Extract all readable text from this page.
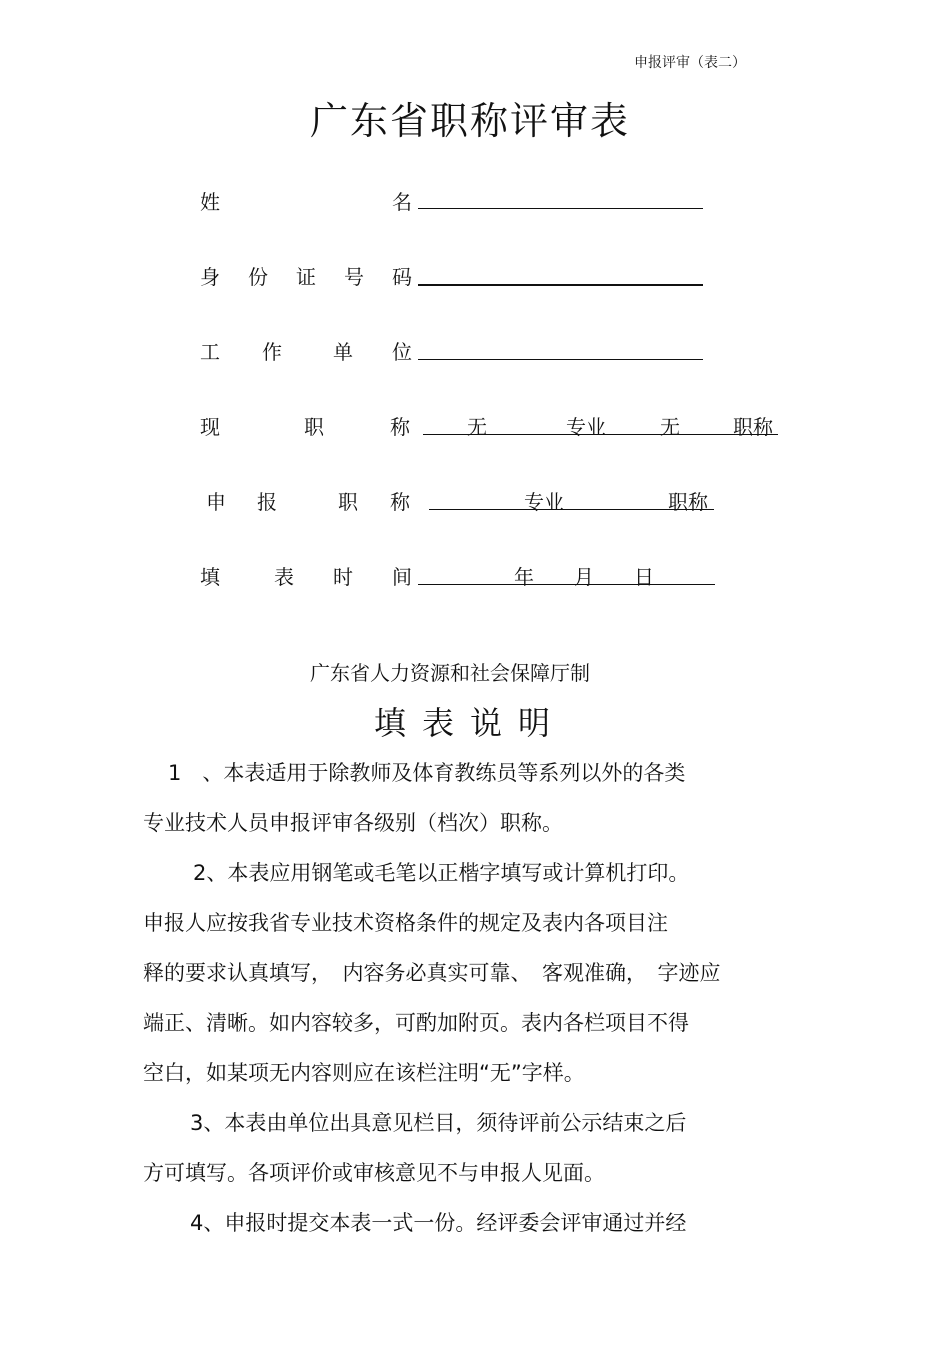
申报评审（表二）
广东省职称评审表
姓	名
身 份 证 号 码
工 作	单 位
现	职	称	无	专业	无	职称
申 报	职 称	专业	职称
填	表 时 间	年 月 日
广东省人力资源和社会保障厅制
填表说明
1　、本表适用于除教师及体育教练员等系列以外的各类
专业技术人员申报评审各级别（档次）职称。
2、本表应用钢笔或毛笔以正楷字填写或计算机打印。
申报人应按我省专业技术资格条件的规定及表内各项目注
释的要求认真填写，　内容务必真实可靠、　客观准确，　字迹应
端正、清晰。如内容较多，可酌加附页。表内各栏项目不得
空白，如某项无内容则应在该栏注明“无”字样。
3、本表由单位出具意见栏目，须待评前公示结束之后
方可填写。各项评价或审核意见不与申报人见面。
4、申报时提交本表一式一份。经评委会评审通过并经
